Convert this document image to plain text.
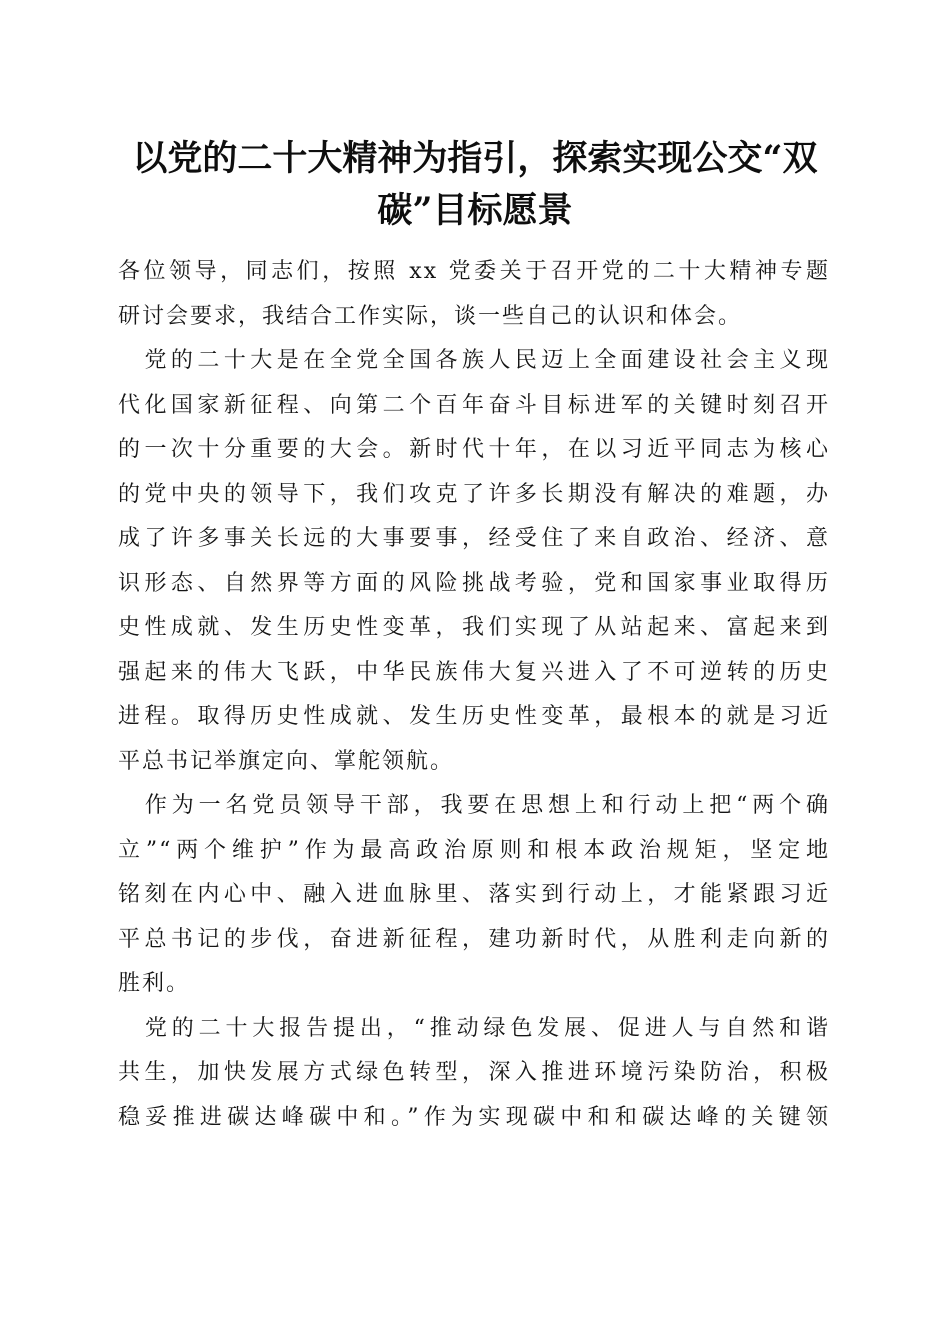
以党的二十大精神为指引，探索实现公交“双
碳”目标愿景
各位领导，同志们，按照 xx 党委关于召开党的二十大精神专题
研讨会要求，我结合工作实际，谈一些自己的认识和体会。
　党的二十大是在全党全国各族人民迈上全面建设社会主义现
代化国家新征程、向第二个百年奋斗目标进军的关键时刻召开
的一次十分重要的大会。新时代十年，在以习近平同志为核心
的党中央的领导下，我们攻克了许多长期没有解决的难题，办
成了许多事关长远的大事要事，经受住了来自政治、经济、意
识形态、自然界等方面的风险挑战考验，党和国家事业取得历
史性成就、发生历史性变革，我们实现了从站起来、富起来到
强起来的伟大飞跃，中华民族伟大复兴进入了不可逆转的历史
进程。取得历史性成就、发生历史性变革，最根本的就是习近
平总书记举旗定向、掌舵领航。
　作为一名党员领导干部，我要在思想上和行动上把“两个确
立”“两个维护”作为最高政治原则和根本政治规矩，坚定地
铭刻在内心中、融入进血脉里、落实到行动上，才能紧跟习近
平总书记的步伐，奋进新征程，建功新时代，从胜利走向新的
胜利。
　党的二十大报告提出，“推动绿色发展、促进人与自然和谐
共生，加快发展方式绿色转型，深入推进环境污染防治，积极
稳妥推进碳达峰碳中和。”作为实现碳中和和碳达峰的关键领
